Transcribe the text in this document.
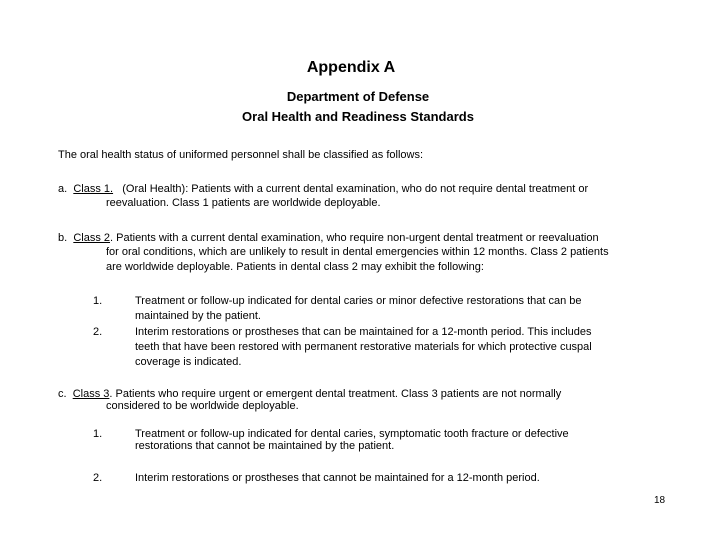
Appendix A
Department of Defense
Oral Health and Readiness Standards
The oral health status of uniformed personnel shall be classified as follows:
a. Class 1. (Oral Health): Patients with a current dental examination, who do not require dental treatment or
reevaluation. Class 1 patients are worldwide deployable.
b. Class 2. Patients with a current dental examination, who require non-urgent dental treatment or reevaluation
for oral conditions, which are unlikely to result in dental emergencies within 12 months. Class 2 patients
are worldwide deployable. Patients in dental class 2 may exhibit the following:
1.	Treatment or follow-up indicated for dental caries or minor defective restorations that can be
maintained by the patient.
2.	Interim restorations or prostheses that can be maintained for a 12-month period. This includes
teeth that have been restored with permanent restorative materials for which protective cuspal
coverage is indicated.
c. Class 3. Patients who require urgent or emergent dental treatment. Class 3 patients are not normally
considered to be worldwide deployable.
1.	Treatment or follow-up indicated for dental caries, symptomatic tooth fracture or defective
restorations that cannot be maintained by the patient.
2.	Interim restorations or prostheses that cannot be maintained for a 12-month period.
18
